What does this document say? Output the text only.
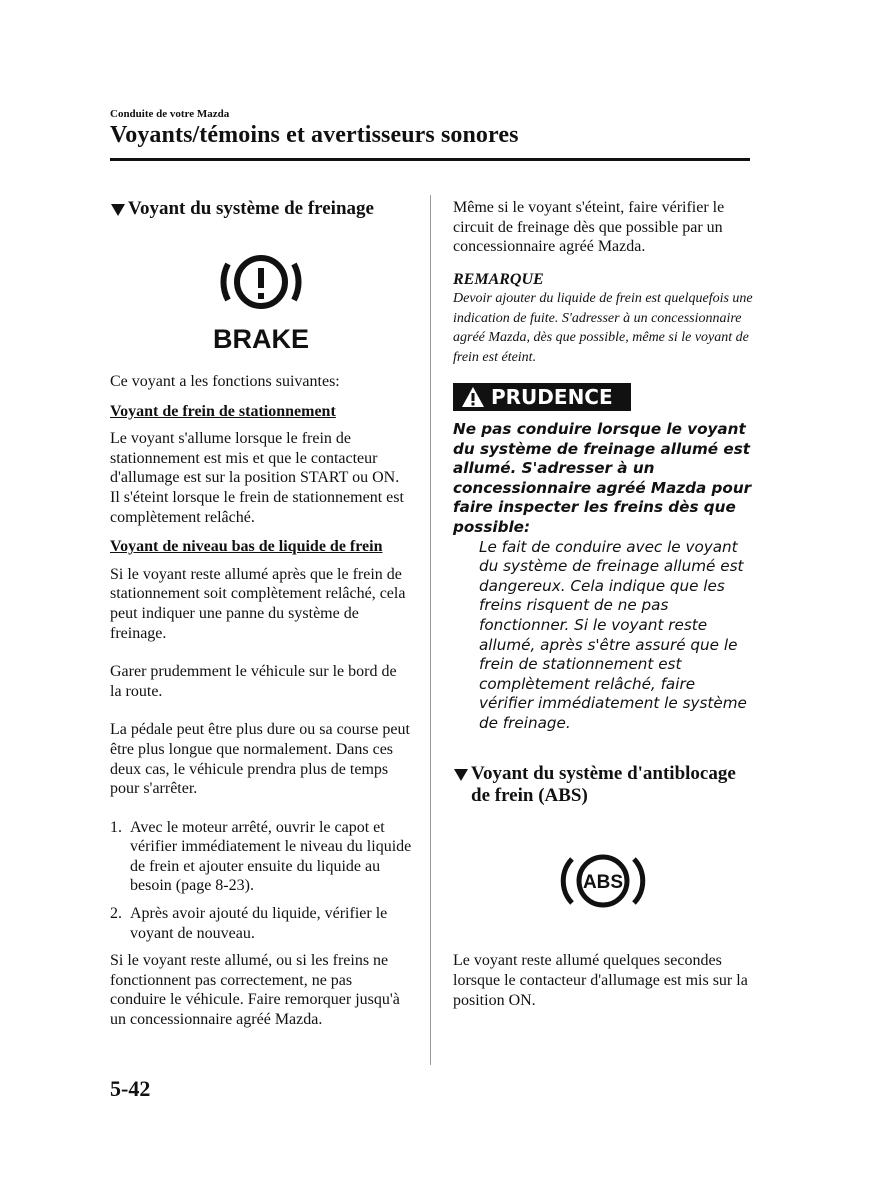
Conduite de votre Mazda
Voyants/témoins et avertisseurs sonores
Voyant du système de freinage
BRAKE

Ce voyant a les fonctions suivantes:

Voyant de frein de stationnement

Le voyant s'allume lorsque le frein de stationnement est mis et que le contacteur d'allumage est sur la position START ou ON. Il s'éteint lorsque le frein de stationnement est complètement relâché.

Voyant de niveau bas de liquide de frein

Si le voyant reste allumé après que le frein de stationnement soit complètement relâché, cela peut indiquer une panne du système de freinage.

Garer prudemment le véhicule sur le bord de la route.

La pédale peut être plus dure ou sa course peut être plus longue que normalement. Dans ces deux cas, le véhicule prendra plus de temps pour s'arrêter.

1. Avec le moteur arrêté, ouvrir le capot et vérifier immédiatement le niveau du liquide de frein et ajouter ensuite du liquide au besoin (page 8-23).
2. Après avoir ajouté du liquide, vérifier le voyant de nouveau.

Si le voyant reste allumé, ou si les freins ne fonctionnent pas correctement, ne pas conduire le véhicule. Faire remorquer jusqu'à un concessionnaire agréé Mazda.

Même si le voyant s'éteint, faire vérifier le circuit de freinage dès que possible par un concessionnaire agréé Mazda.

REMARQUE

Devoir ajouter du liquide de frein est quelquefois une indication de fuite. S'adresser à un concessionnaire agréé Mazda, dès que possible, même si le voyant de frein est éteint.

PRUDENCE

Ne pas conduire lorsque le voyant du système de freinage allumé est allumé. S'adresser à un concessionnaire agréé Mazda pour faire inspecter les freins dès que possible:

Le fait de conduire avec le voyant du système de freinage allumé est dangereux. Cela indique que les freins risquent de ne pas fonctionner. Si le voyant reste allumé, après s'être assuré que le frein de stationnement est complètement relâché, faire vérifier immédiatement le système de freinage.

Voyant du système d'antiblocage de frein (ABS)
ABS

Le voyant reste allumé quelques secondes lorsque le contacteur d'allumage est mis sur la position ON.

5-42
